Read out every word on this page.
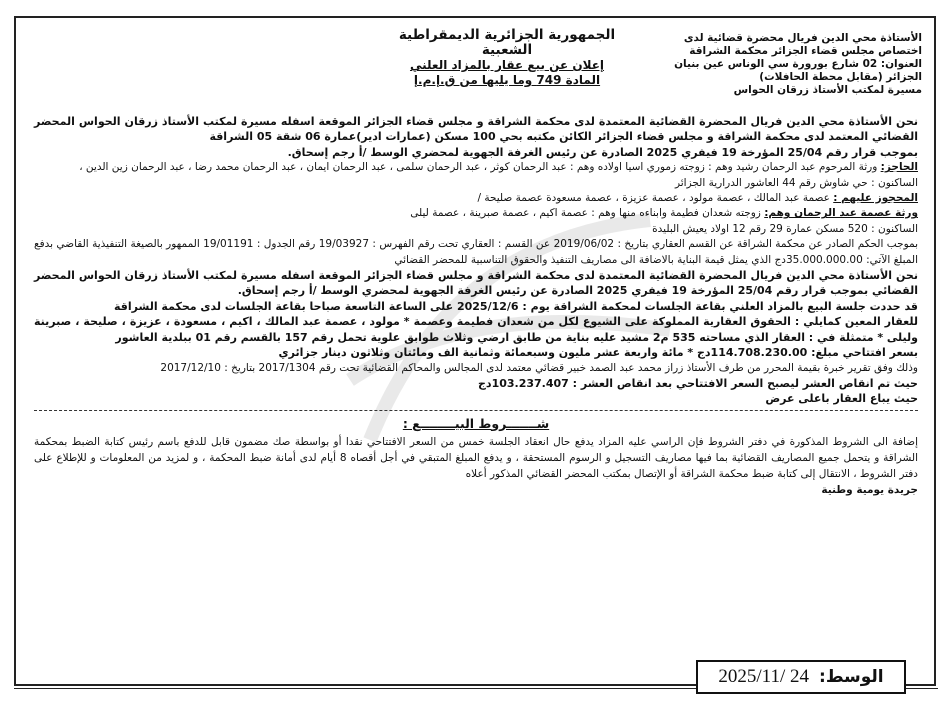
الأستاذة محي الدين فريال محضرة قضائية لدى
اختصاص مجلس قضاء الجزائر محكمة الشراقة
العنوان: 02 شارع بورورة سي الوناس عين بنيان
الجزائر (مقابل محطة الحافلات)
مسيرة لمكتب الأستاذ زرقان الحواس
الجمهورية الجزائرية الديمقراطية الشعبية
إعلان عن بيع عقار بالمزاد العلني
المادة 749 وما يليها من ق.إ.م.إ

نحن الأستاذة محي الدين فريال المحضرة القضائية المعتمدة لدى محكمة الشراقة و مجلس قضاء الجزائر الموقعة اسفله مسيرة لمكتب الأستاذ زرقان الحواس المحضر القضائي المعتمد لدى محكمة الشراقة و مجلس قضاء الجزائر الكائن مكتبه بحي 100 مسكن (عمارات ادير)عمارة 06 شقة 05 الشراقة

بموجب قرار رقم 25/04 المؤرخة 19 فيفري 2025 الصادرة عن رئيس الغرفة الجهوية لمحضري الوسط /أ رجم إسحاق.

الحاجز: ورثة المرحوم عبد الرحمان رشيد وهم : زوجته زموري اسيا اولاده وهم : عبد الرحمان كوثر ، عبد الرحمان سلمى ، عبد الرحمان ايمان ، عبد الرحمان محمد رضا ، عبد الرحمان زين الدين ،

الساكنون : حي شاوش رقم 44 العاشور الدرارية الجزائر

المحجوز عليهم : عصمة عبد المالك ، عصمة مولود ، عصمة عزيزة ، عصمة مسعودة عصمة صليحة /

ورثة عصمة عبد الرحمان وهم: زوجته شعدان فطيمة وابناءه منها وهم : عصمة اكيم ، عصمة صبرينة ، عصمة ليلى

الساكنون : 520 مسكن عمارة 29 رقم 12 اولاد يعيش البليدة

بموجب الحكم الصادر عن محكمة الشراقة عن القسم العقاري بتاريخ : 2019/06/02 عن القسم : العقاري تحت رقم الفهرس : 19/03927 رقم الجدول : 19/01191 الممهور بالصيغة التنفيذية القاضي بدفع المبلغ الآتي: 35.000.000.00دج الذي يمثل قيمة البناية بالاضافة الى مصاريف التنفيذ والحقوق التناسبية للمحضر القضائي

نحن الأستاذة محي الدين فريال المحضرة القضائية المعتمدة لدى محكمة الشراقة و مجلس قضاء الجزائر الموقعة اسفله مسيرة لمكتب الأستاذ زرقان الحواس المحضر القضائي بموجب قرار رقم 25/04 المؤرخة 19 فيفري 2025 الصادرة عن رئيس الغرفة الجهوية لمحضري الوسط /أ رجم إسحاق.

قد حددت جلسة البيع بالمزاد العلني بقاعة الجلسات لمحكمة الشراقة يوم : 2025/12/6 على الساعة التاسعة صباحا بقاعة الجلسات لدى محكمة الشراقة

للعقار المعين كمايلي : الحقوق العقارية المملوكة على الشيوع لكل من شعدان فطيمة وعصمة * مولود ، عصمة عبد المالك ، اكيم ، مسعودة ، عزيزة ، صليحة ، صبرينة وليلى * متمثلة في : العقار الذي مساحته 535 م2 مشيد عليه بناية من طابق ارضي وثلاث طوابق علوية تحمل رقم 157 بالقسم رقم 01 ببلدية العاشور

بسعر افتتاحي مبلغ: 114.708.230.00دج * مائة واربعة عشر مليون وسبعمائة وثمانية الف ومائتان وثلاثون دينار جزائري

وذلك وفق تقرير خبرة بقيمة المحرر من طرف الأستاذ زراز محمد عبد الصمد خبير قضائي معتمد لدى المجالس والمحاكم القضائية تحت رقم 2017/1304 بتاريخ : 2017/12/10

حيث تم انقاص العشر ليصبح السعر الافتتاحي بعد انقاص العشر : 103.237.407دج

حيث يباع العقار باعلى عرض

شـــــــروط البيــــــــع :
إضافة الى الشروط المذكورة في دفتر الشروط فإن الراسي عليه المزاد يدفع حال انعقاد الجلسة خمس من السعر الافتتاحي نقدا أو بواسطة صك مضمون قابل للدفع باسم رئيس كتابة الضبط بمحكمة الشراقة و يتحمل جميع المصاريف القضائية بما فيها مصاريف التسجيل و الرسوم المستحقة ، و يدفع المبلغ المتبقي في أجل أقصاه 8 أيام لدى أمانة ضبط المحكمة ، و لمزيد من المعلومات و للإطلاع على دفتر الشروط ، الانتقال إلى كتابة ضبط محكمة الشراقة أو الإتصال بمكتب المحضر القضائي المذكور أعلاه
جريدة يومية وطنية
الوسط:
2025/11/ 24
